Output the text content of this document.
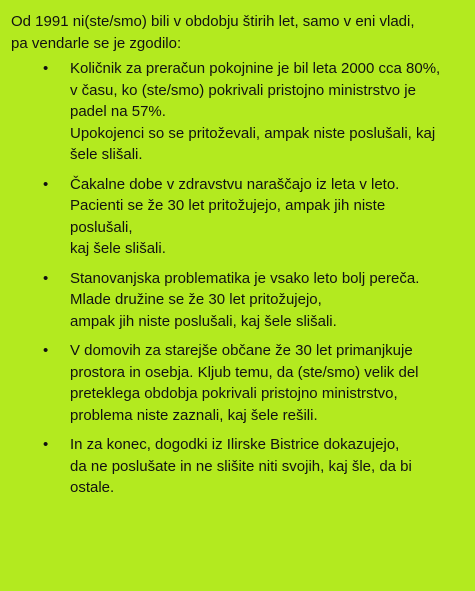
Od 1991 ni(ste/smo) bili v obdobju štirih let, samo v eni vladi,
pa vendarle se je zgodilo:

• Količnik za preračun pokojnine je bil leta 2000 cca 80%,
v času, ko (ste/smo) pokrivali pristojno ministrstvo je
padel na 57%.
Upokojenci so se pritoževali, ampak niste poslušali, kaj
šele slišali.
• Čakalne dobe v zdravstvu naraščajo iz leta v leto.
Pacienti se že 30 let pritožujejo, ampak jih niste
poslušali,
kaj šele slišali.
• Stanovanjska problematika je vsako leto bolj pereča.
Mlade družine se že 30 let pritožujejo,
ampak jih niste poslušali, kaj šele slišali.
• V domovih za starejše občane že 30 let primanjkuje
prostora in osebja. Kljub temu, da (ste/smo) velik del
preteklega obdobja pokrivali pristojno ministrstvo,
problema niste zaznali, kaj šele rešili.
• In za konec, dogodki iz Ilirske Bistrice dokazujejo,
da ne poslušate in ne slišite niti svojih, kaj šle, da bi
ostale.
